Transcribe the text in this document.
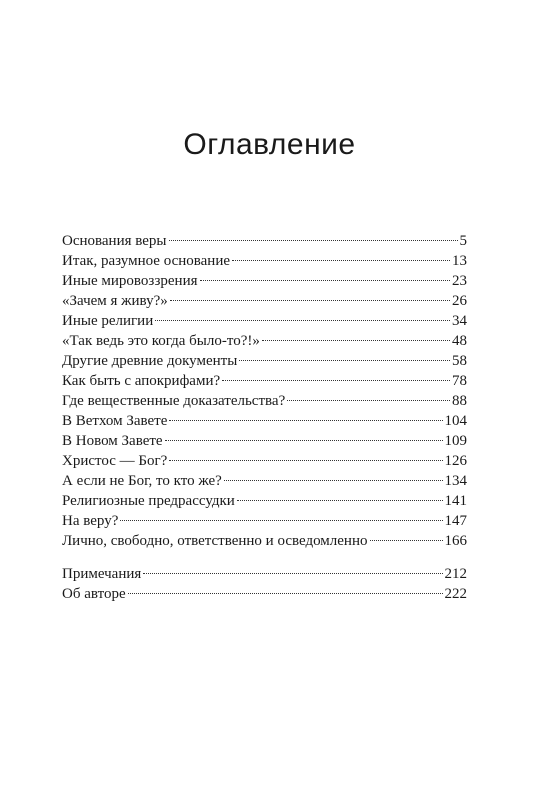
Оглавление
Основания веры	5
Итак, разумное основание	13
Иные мировоззрения	23
«Зачем я живу?»	26
Иные религии	34
«Так ведь это когда было-то?!»	48
Другие древние документы	58
Как быть с апокрифами?	78
Где вещественные доказательства?	88
В Ветхом Завете	104
В Новом Завете	109
Христос — Бог?	126
А если не Бог, то кто же?	134
Религиозные предрассудки	141
На веру?	147
Лично, свободно, ответственно и осведомленно	166
Примечания	212
Об авторе	222
